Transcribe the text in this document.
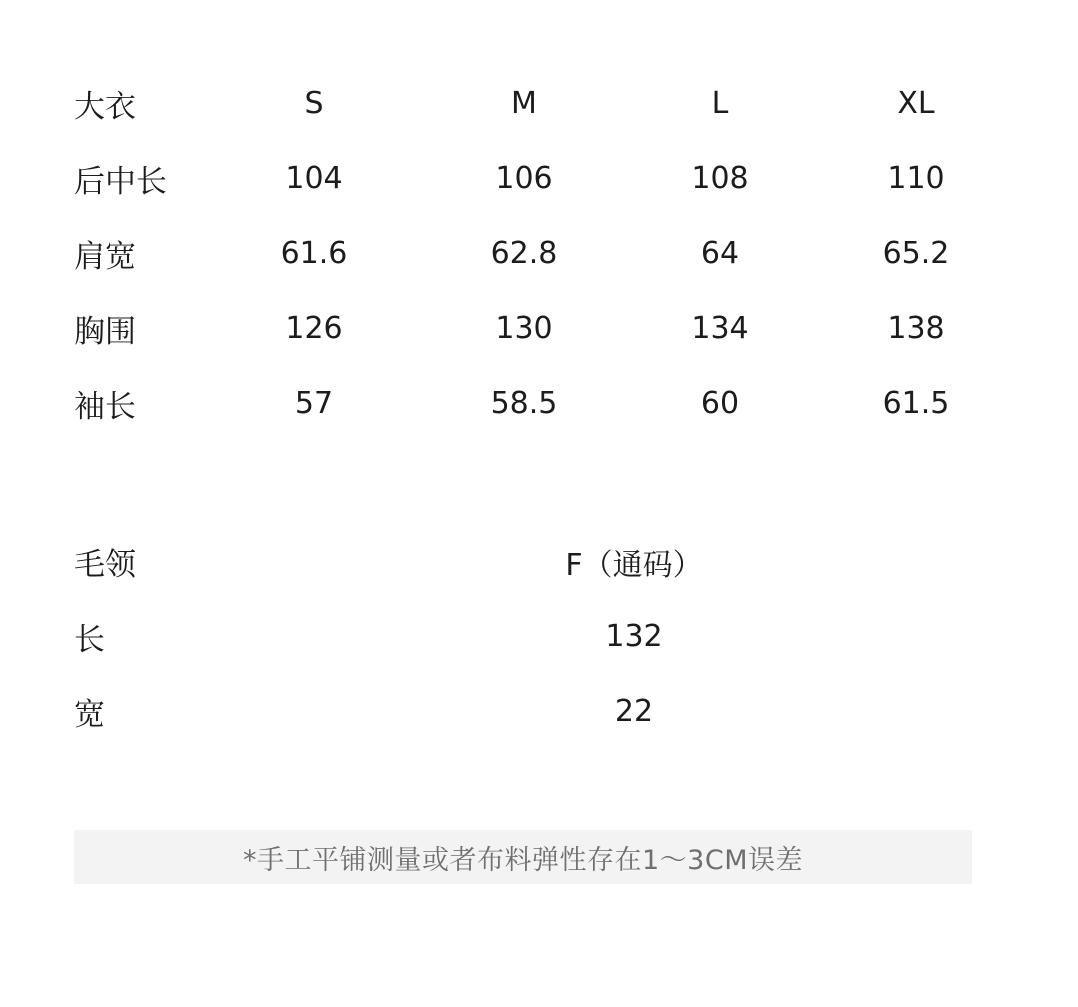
大衣	S	M	L	XL
后中长	104	106	108	110
肩宽	61.6	62.8	64	65.2
胸围	126	130	134	138
袖长	57	58.5	60	61.5
毛领	F（通码）
长	132
宽	22
*手工平铺测量或者布料弹性存在1～3CM误差
